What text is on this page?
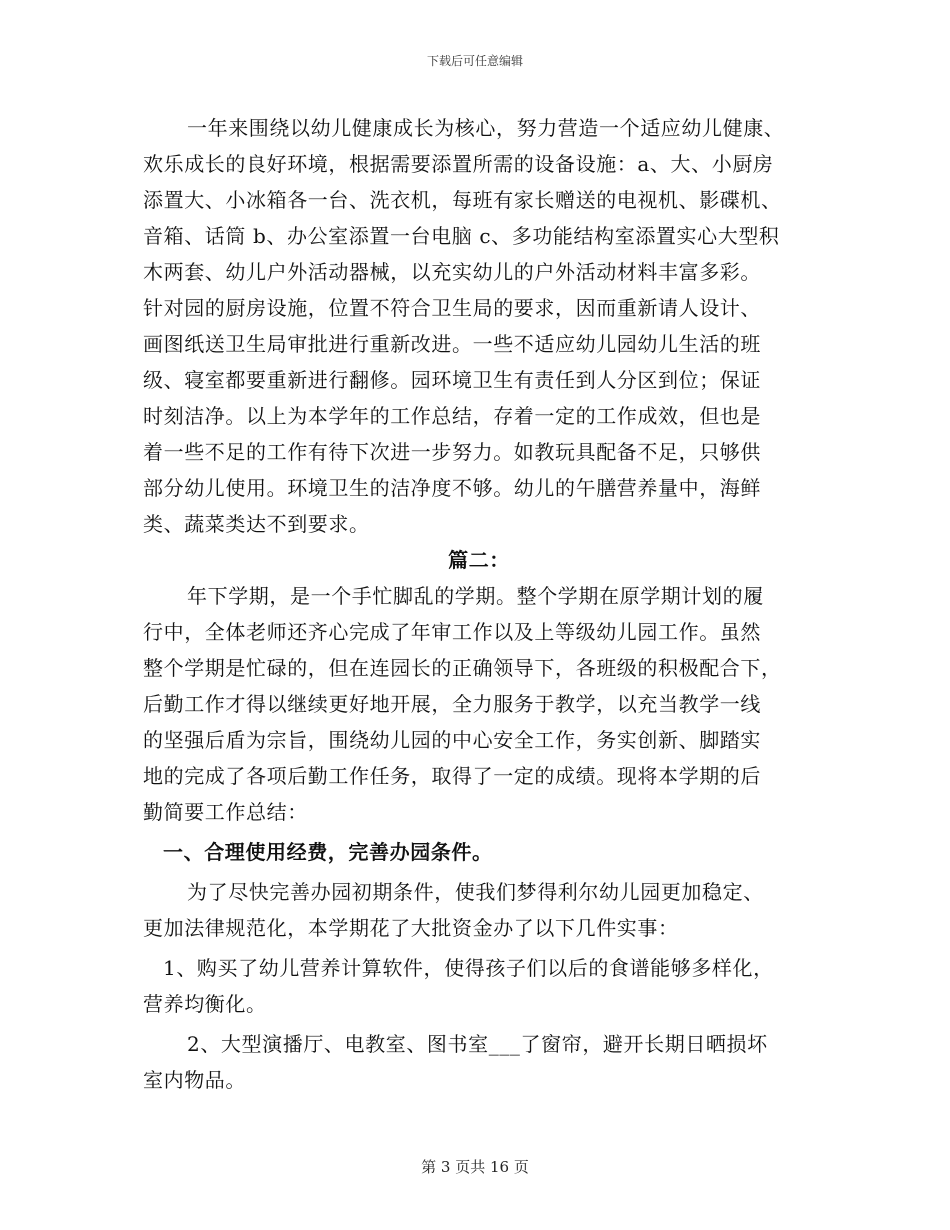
下载后可任意编辑
一年来围绕以幼儿健康成长为核心，努力营造一个适应幼儿健康、
欢乐成长的良好环境，根据需要添置所需的设备设施：a、大、小厨房
添置大、小冰箱各一台、洗衣机，每班有家长赠送的电视机、影碟机、
音箱、话筒 b、办公室添置一台电脑 c、多功能结构室添置实心大型积
木两套、幼儿户外活动器械，以充实幼儿的户外活动材料丰富多彩。
针对园的厨房设施，位置不符合卫生局的要求，因而重新请人设计、
画图纸送卫生局审批进行重新改进。一些不适应幼儿园幼儿生活的班
级、寝室都要重新进行翻修。园环境卫生有责任到人分区到位；保证
时刻洁净。以上为本学年的工作总结，存着一定的工作成效，但也是
着一些不足的工作有待下次进一步努力。如教玩具配备不足，只够供
部分幼儿使用。环境卫生的洁净度不够。幼儿的午膳营养量中，海鲜
类、蔬菜类达不到要求。
篇二：
年下学期，是一个手忙脚乱的学期。整个学期在原学期计划的履
行中，全体老师还齐心完成了年审工作以及上等级幼儿园工作。虽然
整个学期是忙碌的，但在连园长的正确领导下，各班级的积极配合下，
后勤工作才得以继续更好地开展，全力服务于教学，以充当教学一线
的坚强后盾为宗旨，围绕幼儿园的中心安全工作，务实创新、脚踏实
地的完成了各项后勤工作任务，取得了一定的成绩。现将本学期的后
勤简要工作总结：
一、合理使用经费，完善办园条件。
为了尽快完善办园初期条件，使我们梦得利尔幼儿园更加稳定、
更加法律规范化，本学期花了大批资金办了以下几件实事：
1、购买了幼儿营养计算软件，使得孩子们以后的食谱能够多样化，
营养均衡化。
2、大型演播厅、电教室、图书室___了窗帘，避开长期日晒损坏
室内物品。
第 3 页共 16 页
